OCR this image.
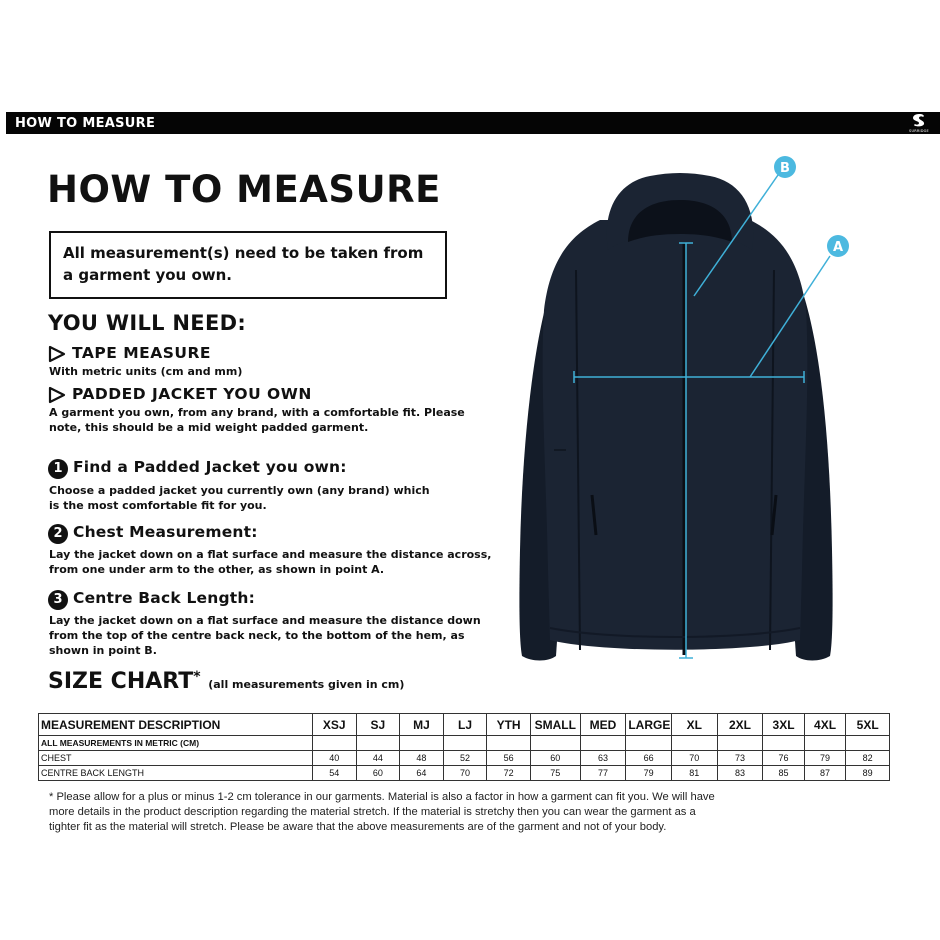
HOW TO MEASURE	SURRIDGE
HOW TO MEASURE
All measurement(s) need to be taken from a garment you own.
YOU WILL NEED:
TAPE MEASURE
With metric units (cm and mm)
PADDED JACKET YOU OWN
A garment you own, from any brand, with a comfortable fit. Please
note, this should be a mid weight padded garment.
1 Find a Padded Jacket you own:
Choose a padded jacket you currently own (any brand) which
is the most comfortable fit for you.
2 Chest Measurement:
Lay the jacket down on a flat surface and measure the distance across,
from one under arm to the other, as shown in point A.
3 Centre Back Length:
Lay the jacket down on a flat surface and measure the distance down
from the top of the centre back neck, to the bottom of the hem, as
shown in point B.
A
B
SIZE CHART* (all measurements given in cm)
MEASUREMENT DESCRIPTION	XSJ	SJ	MJ	LJ	YTH	SMALL	MED	LARGE	XL	2XL	3XL	4XL	5XL
ALL MEASUREMENTS IN METRIC (CM)													
CHEST	40	44	48	52	56	60	63	66	70	73	76	79	82
CENTRE BACK LENGTH	54	60	64	70	72	75	77	79	81	83	85	87	89
* Please allow for a plus or minus 1-2 cm tolerance in our garments. Material is also a factor in how a garment can fit you. We will have
more details in the product description regarding the material stretch. If the material is stretchy then you can wear the garment as a
tighter fit as the material will stretch. Please be aware that the above measurements are of the garment and not of your body.
